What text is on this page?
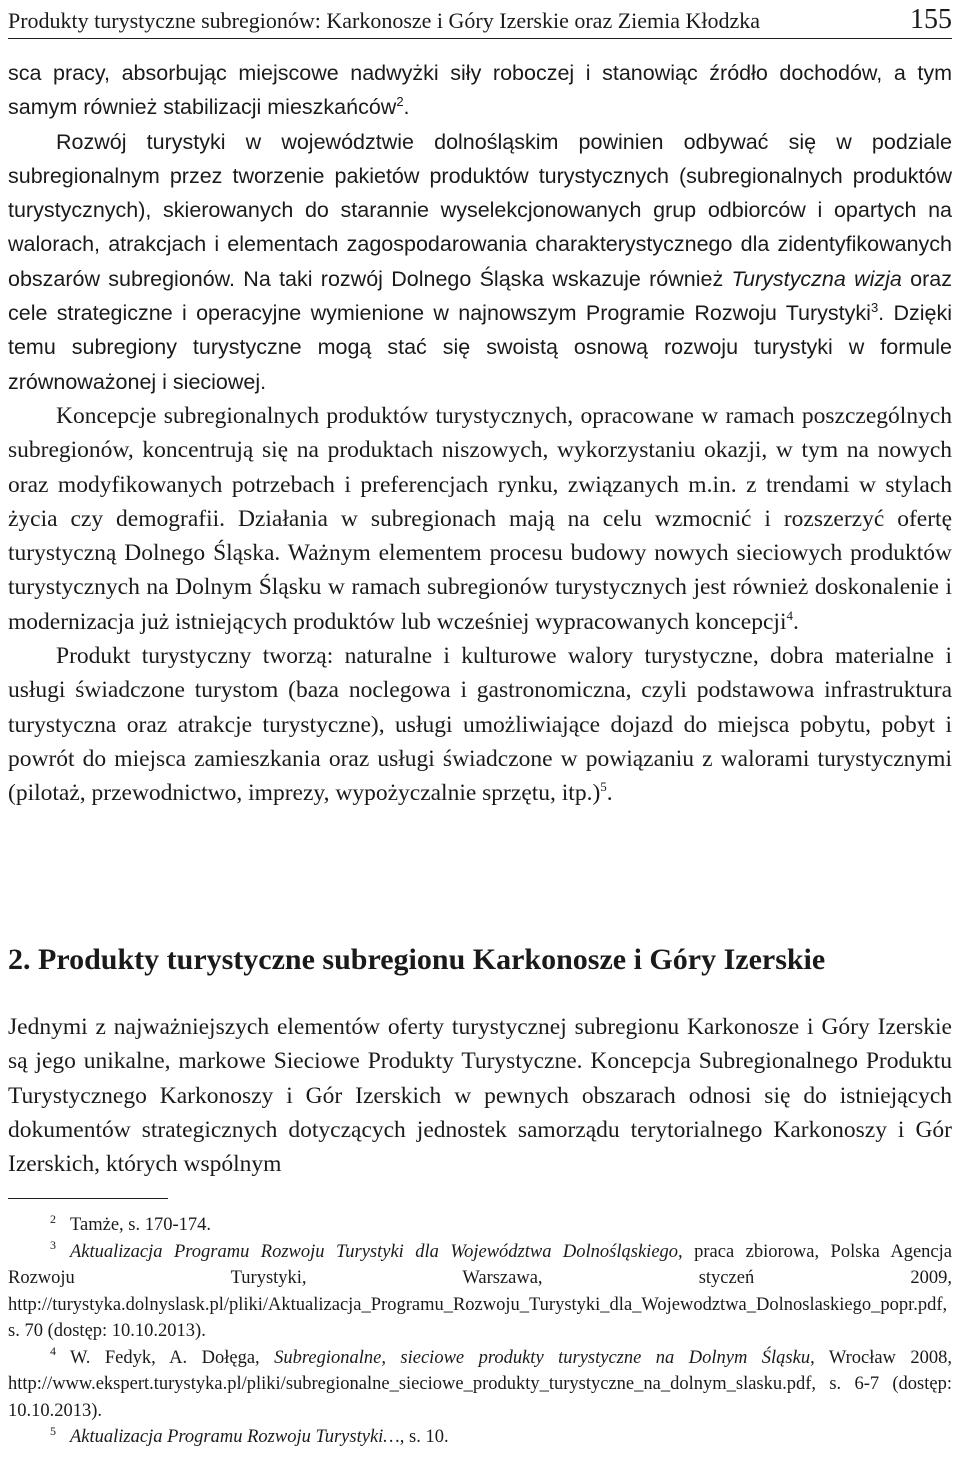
Produkty turystyczne subregionów: Karkonosze i Góry Izerskie oraz Ziemia Kłodzka	155

sca pracy, absorbując miejscowe nadwyżki siły roboczej i stanowiąc źródło dochodów, a tym samym również stabilizacji mieszkańców$^2$.

Rozwój turystyki w województwie dolnośląskim powinien odbywać się w podziale subregionalnym przez tworzenie pakietów produktów turystycznych (subregionalnych produktów turystycznych), skierowanych do starannie wyselekcjonowanych grup odbiorców i opartych na walorach, atrakcjach i elementach zagospodarowania charakterystycznego dla zidentyfikowanych obszarów subregionów. Na taki rozwój Dolnego Śląska wskazuje również Turystyczna wizja oraz cele strategiczne i operacyjne wymienione w najnowszym Programie Rozwoju Turystyki$^3$. Dzięki temu subregiony turystyczne mogą stać się swoistą osnową rozwoju turystyki w formule zrównoważonej i sieciowej.

Koncepcje subregionalnych produktów turystycznych, opracowane w ramach poszczególnych subregionów, koncentrują się na produktach niszowych, wykorzystaniu okazji, w tym na nowych oraz modyfikowanych potrzebach i preferencjach rynku, związanych m.in. z trendami w stylach życia czy demografii. Działania w subregionach mają na celu wzmocnić i rozszerzyć ofertę turystyczną Dolnego Śląska. Ważnym elementem procesu budowy nowych sieciowych produktów turystycznych na Dolnym Śląsku w ramach subregionów turystycznych jest również doskonalenie i modernizacja już istniejących produktów lub wcześniej wypracowanych koncepcji$^4$.

Produkt turystyczny tworzą: naturalne i kulturowe walory turystyczne, dobra materialne i usługi świadczone turystom (baza noclegowa i gastronomiczna, czyli podstawowa infrastruktura turystyczna oraz atrakcje turystyczne), usługi umożliwiające dojazd do miejsca pobytu, pobyt i powrót do miejsca zamieszkania oraz usługi świadczone w powiązaniu z walorami turystycznymi (pilotaż, przewodnictwo, imprezy, wypożyczalnie sprzętu, itp.)$^5$.

2. Produkty turystyczne subregionu Karkonosze i Góry Izerskie

Jednymi z najważniejszych elementów oferty turystycznej subregionu Karkonosze i Góry Izerskie są jego unikalne, markowe Sieciowe Produkty Turystyczne. Koncepcja Subregionalnego Produktu Turystycznego Karkonoszy i Gór Izerskich w pewnych obszarach odnosi się do istniejących dokumentów strategicznych dotyczących jednostek samorządu terytorialnego Karkonoszy i Gór Izerskich, których wspólnym

2 Tamże, s. 170-174.

3 Aktualizacja Programu Rozwoju Turystyki dla Województwa Dolnośląskiego, praca zbiorowa, Polska Agencja Rozwoju Turystyki, Warszawa, styczeń 2009, http://turystyka.dolnyslask.pl/pliki/Aktualizacja_Programu_Rozwoju_Turystyki_dla_Wojewodztwa_Dolnoslaskiego_popr.pdf, s. 70 (dostęp: 10.10.2013).

4 W. Fedyk, A. Dołęga, Subregionalne, sieciowe produkty turystyczne na Dolnym Śląsku, Wrocław 2008, http://www.ekspert.turystyka.pl/pliki/subregionalne_sieciowe_produkty_turystyczne_na_dolnym_slasku.pdf, s. 6-7 (dostęp: 10.10.2013).

5 Aktualizacja Programu Rozwoju Turystyki…, s. 10.
